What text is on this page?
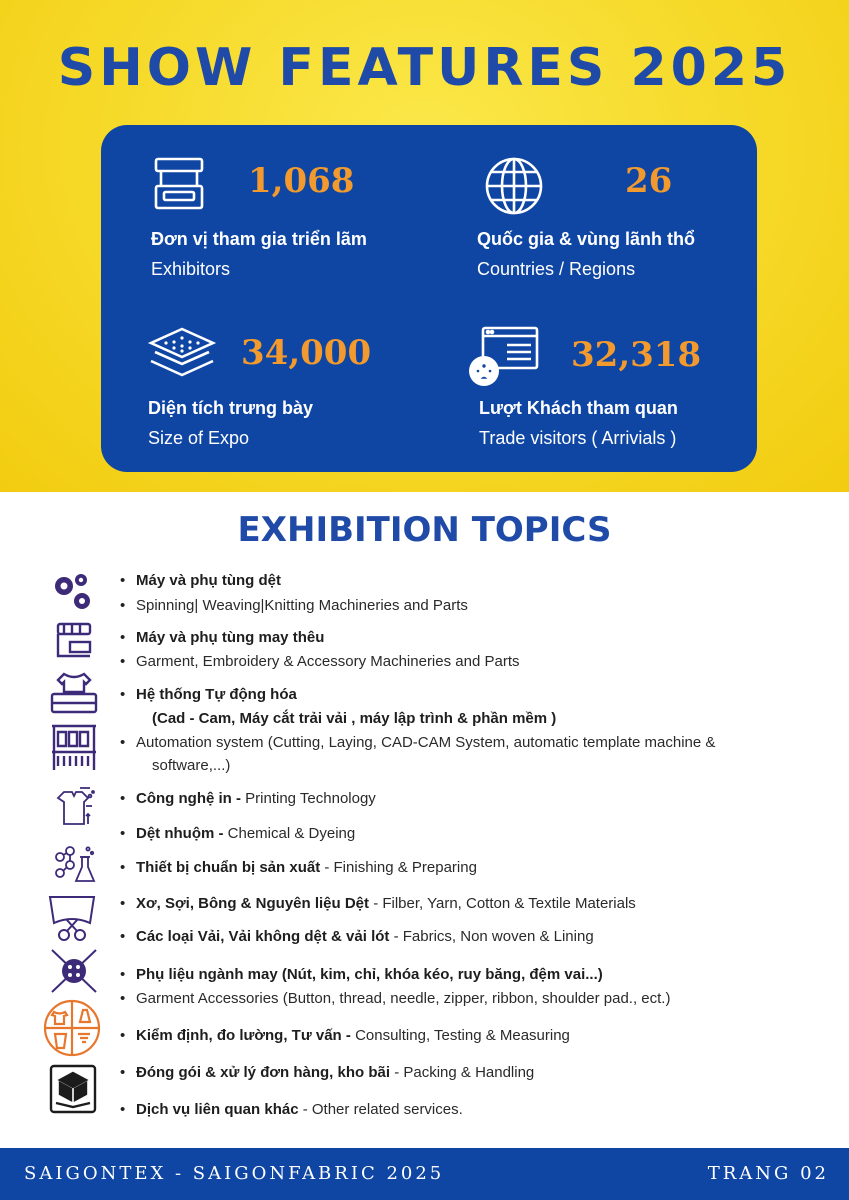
SHOW FEATURES 2025
1,068
Đơn vị tham gia triển lãm
Exhibitors
26
Quốc gia & vùng lãnh thổ
Countries / Regions
34,000
Diện tích trưng bày
Size of Expo
32,318
Lượt Khách tham quan
Trade visitors ( Arrivials )
EXHIBITION TOPICS
• Máy và phụ tùng dệt
• Spinning| Weaving|Knitting Machineries and Parts
• Máy và phụ tùng may thêu
• Garment, Embroidery & Accessory Machineries and Parts
• Hệ thống Tự động hóa
(Cad - Cam, Máy cắt trải vải , máy lập trình & phần mềm )
• Automation system (Cutting, Laying, CAD-CAM System, automatic template machine &
software,...)
• Công nghệ in - Printing Technology
• Dệt nhuộm - Chemical & Dyeing
• Thiết bị chuẩn bị sản xuất - Finishing & Preparing
• Xơ, Sợi, Bông & Nguyên liệu Dệt - Filber, Yarn, Cotton & Textile Materials
• Các loại Vải, Vải không dệt & vải lót - Fabrics, Non woven & Lining
• Phụ liệu ngành may (Nút, kim, chỉ, khóa kéo, ruy băng, đệm vai...)
• Garment Accessories (Button, thread, needle, zipper, ribbon, shoulder pad., ect.)
• Kiểm định, đo lường, Tư vấn - Consulting, Testing & Measuring
• Đóng gói & xử lý đơn hàng, kho bãi - Packing & Handling
• Dịch vụ liên quan khác - Other related services.
SAIGONTEX - SAIGONFABRIC 2025	TRANG 02
